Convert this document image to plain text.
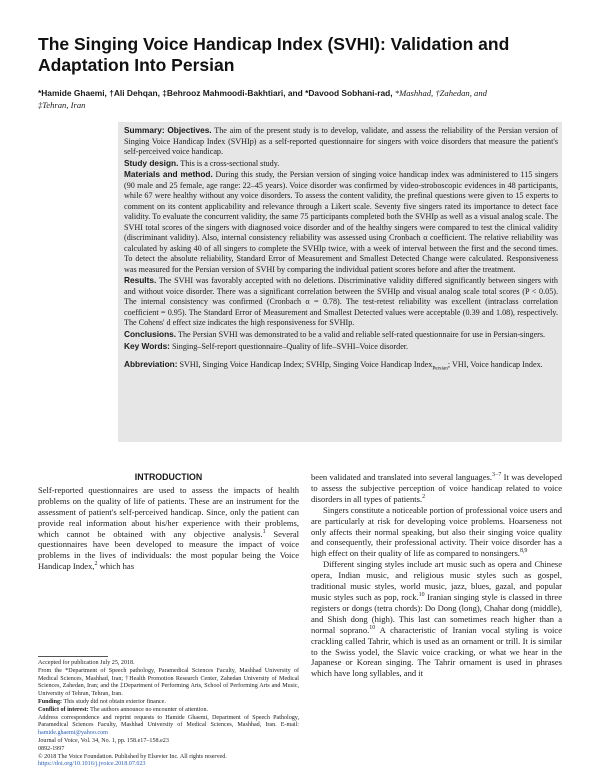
The Singing Voice Handicap Index (SVHI): Validation and Adaptation Into Persian
*Hamide Ghaemi, †Ali Dehqan, ‡Behrooz Mahmoodi-Bakhtiari, and *Davood Sobhani-rad, *Mashhad, †Zahedan, and
‡Tehran, Iran

Summary: Objectives. The aim of the present study is to develop, validate, and assess the reliability of the Persian version of Singing Voice Handicap Index (SVHIp) as a self-reported questionnaire for singers with voice disorders that measure the patient's self-perceived voice handicap.

Study design. This is a cross-sectional study.

Materials and method. During this study, the Persian version of singing voice handicap index was administered to 115 singers (90 male and 25 female, age range: 22–45 years). Voice disorder was confirmed by video-stroboscopic evidences in 48 participants, while 67 were healthy without any voice disorders. To assess the content validity, the prefinal questions were given to 15 experts to comment on its content applicability and relevance through a Likert scale. Seventy five singers rated its importance to detect face validity. To evaluate the concurrent validity, the same 75 participants completed both the SVHIp as well as a visual analog scale. The SVHI total scores of the singers with diagnosed voice disorder and of the healthy singers were compared to test the clinical validity (discriminant validity). Also, internal consistency reliability was assessed using Cronbach α coefficient. The relative reliability was calculated by asking 40 of all singers to complete the SVHIp twice, with a week of interval between the first and the second times. To detect the absolute reliability, Standard Error of Measurement and Smallest Detected Change were calculated. Responsiveness was measured for the Persian version of SVHI by comparing the individual patient scores before and after the treatment.

Results. The SVHI was favorably accepted with no deletions. Discriminative validity differed significantly between singers with and without voice disorder. There was a significant correlation between the SVHIp and visual analog scale total scores (P < 0.05). The internal consistency was confirmed (Cronbach α = 0.78). The test-retest reliability was excellent (intraclass correlation coefficient = 0.95). The Standard Error of Measurement and Smallest Detected values were acceptable (0.39 and 1.08), respectively. The Cohens' d effect size indicates the high responsiveness for SVHIp.

Conclusions. The Persian SVHI was demonstrated to be a valid and reliable self-rated questionnaire for use in Persian-singers.

Key Words: Singing–Self-report questionnaire–Quality of life–SVHI–Voice disorder.

Abbreviation: SVHI, Singing Voice Handicap Index; SVHIp, Singing Voice Handicap Index$_{Persian}$; VHI, Voice handicap Index.

INTRODUCTION

Self-reported questionnaires are used to assess the impacts of health problems on the quality of life of patients. These are an instrument for the assessment of patient's self-perceived handicap. Since, only the patient can provide real information about his/her experience with their problems, which cannot be obtained with any objective analysis.$^1$ Several questionnaires have been developed to measure the impact of voice problems in the lives of individuals: the most popular being the Voice Handicap Index,$^2$ which has

been validated and translated into several languages.$^{3-7}$ It was developed to assess the subjective perception of voice handicap related to voice disorders in all types of patients.$^2$

Singers constitute a noticeable portion of professional voice users and are particularly at risk for developing voice problems. Hoarseness not only affects their normal speaking, but also their singing voice quality and consequently, their professional activity. Their voice disorder has a high effect on their quality of life as compared to nonsingers.$^{8,9}$

Different singing styles include art music such as opera and Chinese opera, Indian music, and religious music styles such as gospel, traditional music styles, world music, jazz, blues, gazal, and popular music styles such as pop, rock.$^{10}$ Iranian singing style is classed in three registers or dongs (tetra chords): Do Dong (long), Chahar dong (middle), and Shish dong (high). This last can sometimes reach higher than a normal soprano.$^{10}$ A characteristic of Iranian vocal styling is voice crackling called Tahrir, which is used as an ornament or trill. It is similar to the Swiss yodel, the Slavic voice cracking, or what we hear in the Japanese or Korean singing. The Tahrir ornament is used in phrases which have long syllables, and it

Accepted for publication July 25, 2018.

From the *Department of Speech pathology, Paramedical Sciences Faculty, Mashhad University of Medical Sciences, Mashhad, Iran; †Health Promotion Research Center, Zahedan University of Medical Sciences, Zahedan, Iran; and the ‡Department of Performing Arts, School of Performing Arts and Music, University of Tehran, Tehran, Iran.

Funding: This study did not obtain exterior finance.

Conflict of interest: The authors announce no encounter of attention.

Address correspondence and reprint requests to Hamide Ghaemi, Department of Speech Pathology, Paramedical Sciences Faculty, Mashhad University of Medical Sciences, Mashhad, Iran. E-mail: hamide.ghaemi@yahoo.com

Journal of Voice, Vol. 34, No. 1, pp. 158.e17–158.e23

0892-1997

© 2018 The Voice Foundation. Published by Elsevier Inc. All rights reserved.

https://doi.org/10.1016/j.jvoice.2018.07.023
